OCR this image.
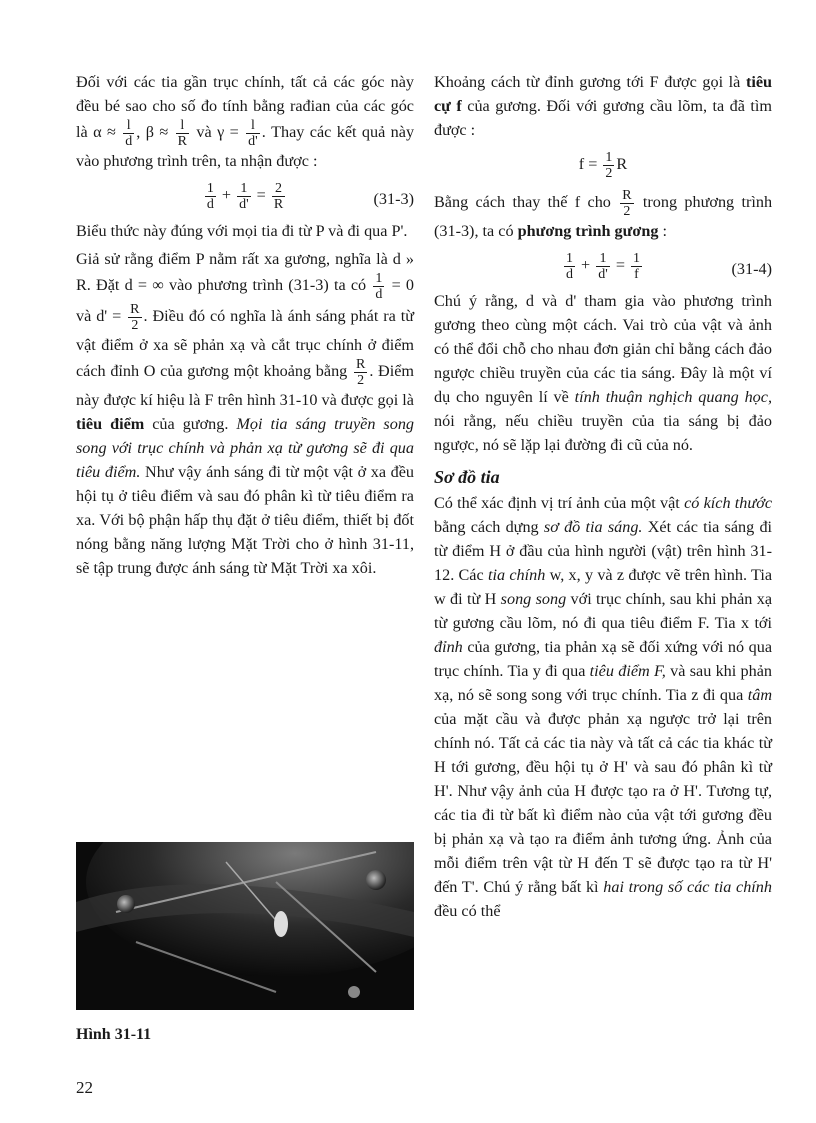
Đối với các tia gần trục chính, tất cả các góc này đều bé sao cho số đo tính bằng rađian của các góc là $\alpha \approx \frac{l}{d}$ , $\beta \approx \frac{l}{R}$ và $\gamma = \frac{l}{d'}$ . Thay các kết quả này vào phương trình trên, ta nhận được :

$\frac{1}{d} + \frac{1}{d'} = \frac{2}{R}$	(31-3)

Biểu thức này đúng với mọi tia đi từ P và đi qua P'.

Giả sử rằng điểm P nằm rất xa gương, nghĩa là d » R. Đặt d = ∞ vào phương trình (31-3) ta có $\frac{1}{d} = 0$ và $d' = \frac{R}{2}$ . Điều đó có nghĩa là ánh sáng phát ra từ vật điểm ở xa sẽ phản xạ và cắt trục chính ở điểm cách đỉnh O của gương một khoảng bằng $\frac{R}{2}$ . Điểm này được kí hiệu là F trên hình 31-10 và được gọi là tiêu điểm của gương. Mọi tia sáng truyền song song với trục chính và phản xạ từ gương sẽ đi qua tiêu điểm. Như vậy ánh sáng đi từ một vật ở xa đều hội tụ ở tiêu điểm và sau đó phân kì từ tiêu điểm ra xa. Với bộ phận hấp thụ đặt ở tiêu điểm, thiết bị đốt nóng bằng năng lượng Mặt Trời cho ở hình 31-11, sẽ tập trung được ánh sáng từ Mặt Trời xa xôi.

Khoảng cách từ đỉnh gương tới F được gọi là tiêu cự f của gương. Đối với gương cầu lõm, ta đã tìm được :

$f = \frac{1}{2}$ R

Bằng cách thay thế f cho $\frac{R}{2}$ trong phương trình (31-3), ta có phương trình gương :

$\frac{1}{d} + \frac{1}{d'} = \frac{1}{f}$	(31-4)

Chú ý rằng, d và d' tham gia vào phương trình gương theo cùng một cách. Vai trò của vật và ảnh có thể đổi chỗ cho nhau đơn giản chỉ bằng cách đảo ngược chiều truyền của các tia sáng. Đây là một ví dụ cho nguyên lí về tính thuận nghịch quang học, nói rằng, nếu chiều truyền của tia sáng bị đảo ngược, nó sẽ lặp lại đường đi cũ của nó.

Sơ đồ tia

Có thể xác định vị trí ảnh của một vật có kích thước bằng cách dựng sơ đồ tia sáng. Xét các tia sáng đi từ điểm H ở đầu của hình người (vật) trên hình 31-12. Các tia chính w, x, y và z được vẽ trên hình. Tia w đi từ H song song với trục chính, sau khi phản xạ từ gương cầu lõm, nó đi qua tiêu điểm F. Tia x tới đỉnh của gương, tia phản xạ sẽ đối xứng với nó qua trục chính. Tia y đi qua tiêu điểm F, và sau khi phản xạ, nó sẽ song song với trục chính. Tia z đi qua tâm của mặt cầu và được phản xạ ngược trở lại trên chính nó. Tất cả các tia này và tất cả các tia khác từ H tới gương, đều hội tụ ở H' và sau đó phân kì từ H'. Như vậy ảnh của H được tạo ra ở H'. Tương tự, các tia đi từ bất kì điểm nào của vật tới gương đều bị phản xạ và tạo ra điểm ảnh tương ứng. Ảnh của mỗi điểm trên vật từ H đến T sẽ được tạo ra từ H' đến T'. Chú ý rằng bất kì hai trong số các tia chính đều có thể

Hình 31-11
22
